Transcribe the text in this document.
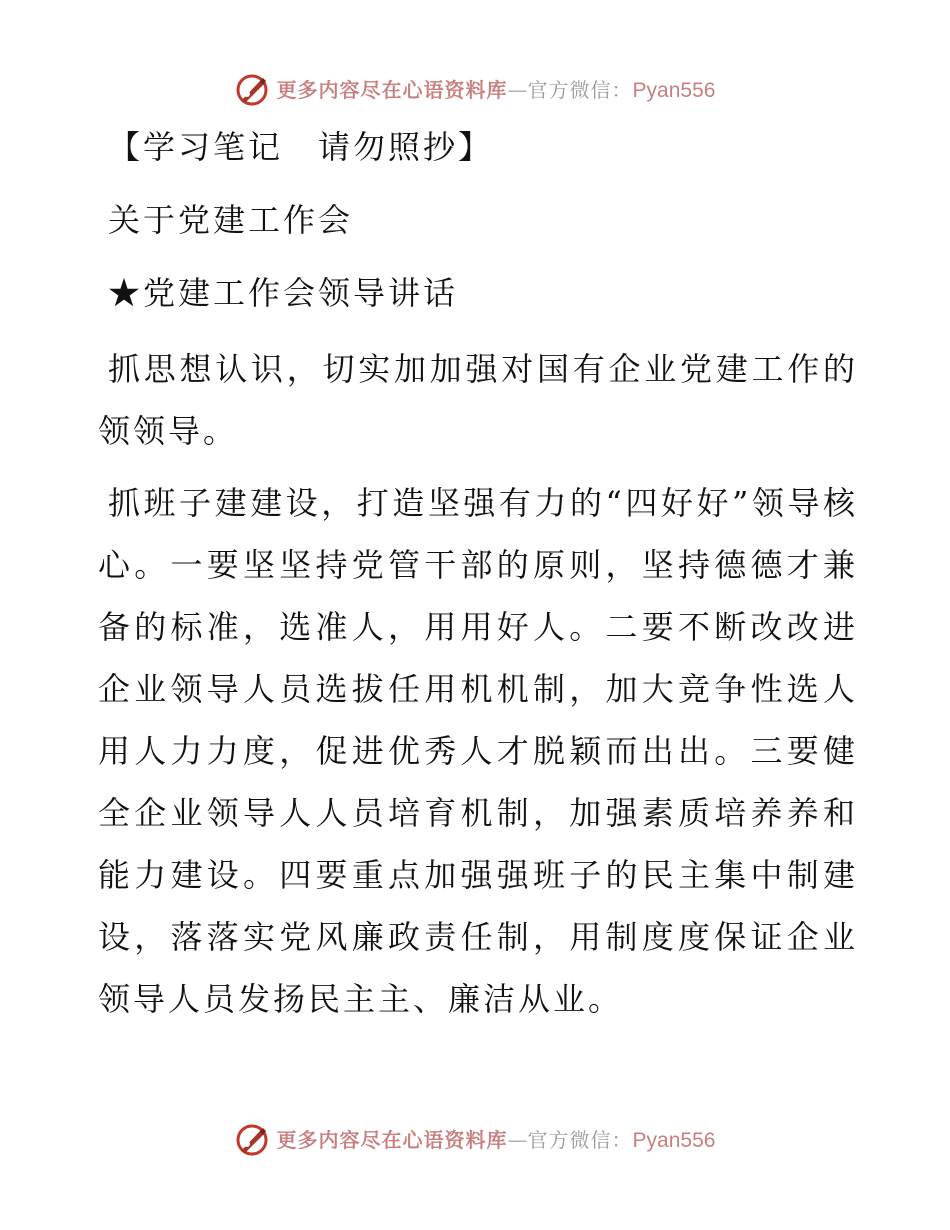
更多内容尽在心语资料库 — 官方微信： Pyan556

【学习笔记　请勿照抄】

关于党建工作会

★党建工作会领导讲话

抓思想认识，切实加加强对国有企业党建工作的领领导。

抓班子建建设，打造坚强有力的“四好好”领导核心。一要坚坚持党管干部的原则，坚持德德才兼备的标准，选准人，用用好人。二要不断改改进企业领导人员选拔任用机机制，加大竞争性选人用人力力度，促进优秀人才脱颖而出出。三要健全企业领导人人员培育机制，加强素质培养养和能力建设。四要重点加强强班子的民主集中制建设，落落实党风廉政责任制，用制度度保证企业领导人员发扬民主主、廉洁从业。

更多内容尽在心语资料库 — 官方微信： Pyan556
